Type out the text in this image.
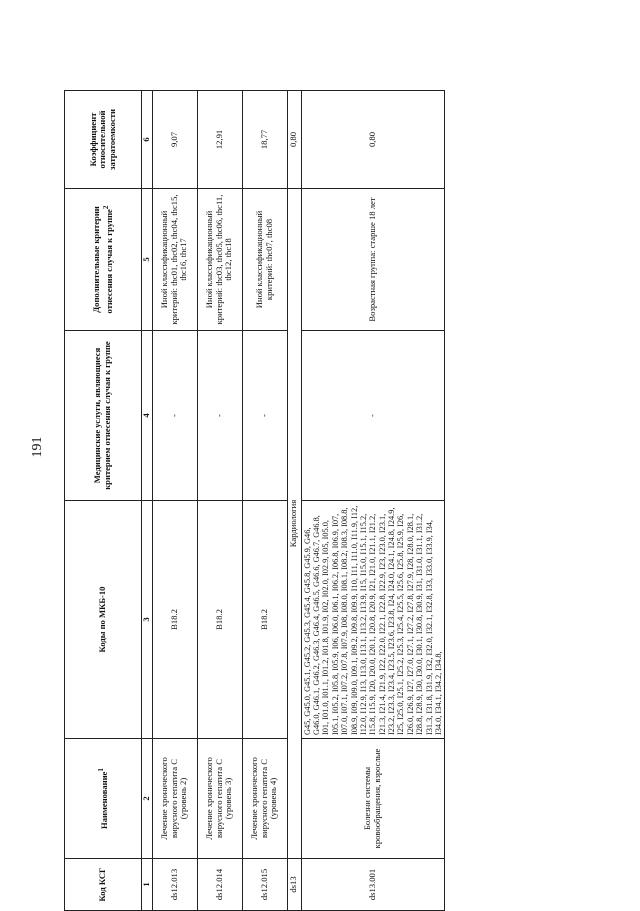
191
Код КСГ	Наименование$^1$	Коды по МКБ-10	Медицинские услуги, являющиеся критерием отнесения случая к группе	Дополнительные критерии отнесения случая к группе$^2$	Коэффициент относительной затратоемкости
1	2	3	4	5	6
ds12.013	Лечение хронического вирусного гепатита С (уровень 2)	B18.2	-	Иной классификационный критерий: thc01, thc02, thc04, thc15, thc16, thc17	9,07
ds12.014	Лечение хронического вирусного гепатита С (уровень 3)	B18.2	-	Иной классификационный критерий: thc03, thc05, thc06, thc11, thc12, thc18	12,91
ds12.015	Лечение хронического вирусного гепатита С (уровень 4)	B18.2	-	Иной классификационный критерий: thc07, thc08	18,77
ds13	Кардиология				0,80
ds13.001	Болезни системы кровообращения, взрослые	G45, G45.0, G45.1, G45.2, G45.3, G45.4, G45.8, G45.9, G46, G46.0, G46.1, G46.2, G46.3, G46.4, G46.5, G46.6, G46.7, G46.8, I01, I01.0, I01.1, I01.2, I01.8, I01.9, I02, I02.0, I02.9, I05, I05.0, I05.1, I05.2, I05.8, I05.9, I06, I06.0, I06.1, I06.2, I06.8, I06.9, I07, I07.0, I07.1, I07.2, I07.8, I07.9, I08, I08.0, I08.1, I08.2, I08.3, I08.8, I08.9, I09, I09.0, I09.1, I09.2, I09.8, I09.9, I10, I11, I11.0, I11.9, I12, I12.0, I12.9, I13, I13.0, I13.1, I13.2, I13.9, I15, I15.0, I15.1, I15.2, I15.8, I15.9, I20, I20.0, I20.1, I20.8, I20.9, I21, I21.0, I21.1, I21.2, I21.3, I21.4, I21.9, I22, I22.0, I22.1, I22.8, I22.9, I23, I23.0, I23.1, I23.2, I23.3, I23.4, I23.5, I23.6, I23.8, I24, I24.0, I24.1, I24.8, I24.9, I25, I25.0, I25.1, I25.2, I25.3, I25.4, I25.5, I25.6, I25.8, I25.9, I26, I26.0, I26.9, I27, I27.0, I27.1, I27.2, I27.8, I27.9, I28, I28.0, I28.1, I28.8, I28.9, I30, I30.0, I30.1, I30.8, I30.9, I31, I31.0, I31.1, I31.2, I31.3, I31.8, I31.9, I32, I32.0, I32.1, I32.8, I33, I33.0, I33.9, I34, I34.0, I34.1, I34.2, I34.8,	-	Возрастная группа: старше 18 лет	0,80
